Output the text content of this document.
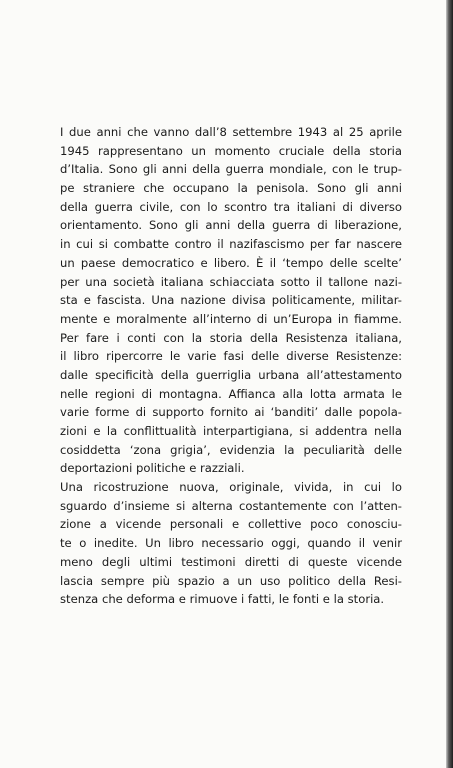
I due anni che vanno dall’8 settembre 1943 al 25 aprile
1945 rappresentano un momento cruciale della storia
d’Italia. Sono gli anni della guerra mondiale, con le trup-
pe straniere che occupano la penisola. Sono gli anni
della guerra civile, con lo scontro tra italiani di diverso
orientamento. Sono gli anni della guerra di liberazione,
in cui si combatte contro il nazifascismo per far nascere
un paese democratico e libero. È il ‘tempo delle scelte’
per una società italiana schiacciata sotto il tallone nazi-
sta e fascista. Una nazione divisa politicamente, militar-
mente e moralmente all’interno di un’Europa in fiamme.
Per fare i conti con la storia della Resistenza italiana,
il libro ripercorre le varie fasi delle diverse Resistenze:
dalle specificità della guerriglia urbana all’attestamento
nelle regioni di montagna. Affianca alla lotta armata le
varie forme di supporto fornito ai ‘banditi’ dalle popola-
zioni e la conflittualità interpartigiana, si addentra nella
cosiddetta ‘zona grigia’, evidenzia la peculiarità delle
deportazioni politiche e razziali.
Una ricostruzione nuova, originale, vivida, in cui lo
sguardo d’insieme si alterna costantemente con l’atten-
zione a vicende personali e collettive poco conosciu-
te o inedite. Un libro necessario oggi, quando il venir
meno degli ultimi testimoni diretti di queste vicende
lascia sempre più spazio a un uso politico della Resi-
stenza che deforma e rimuove i fatti, le fonti e la storia.
